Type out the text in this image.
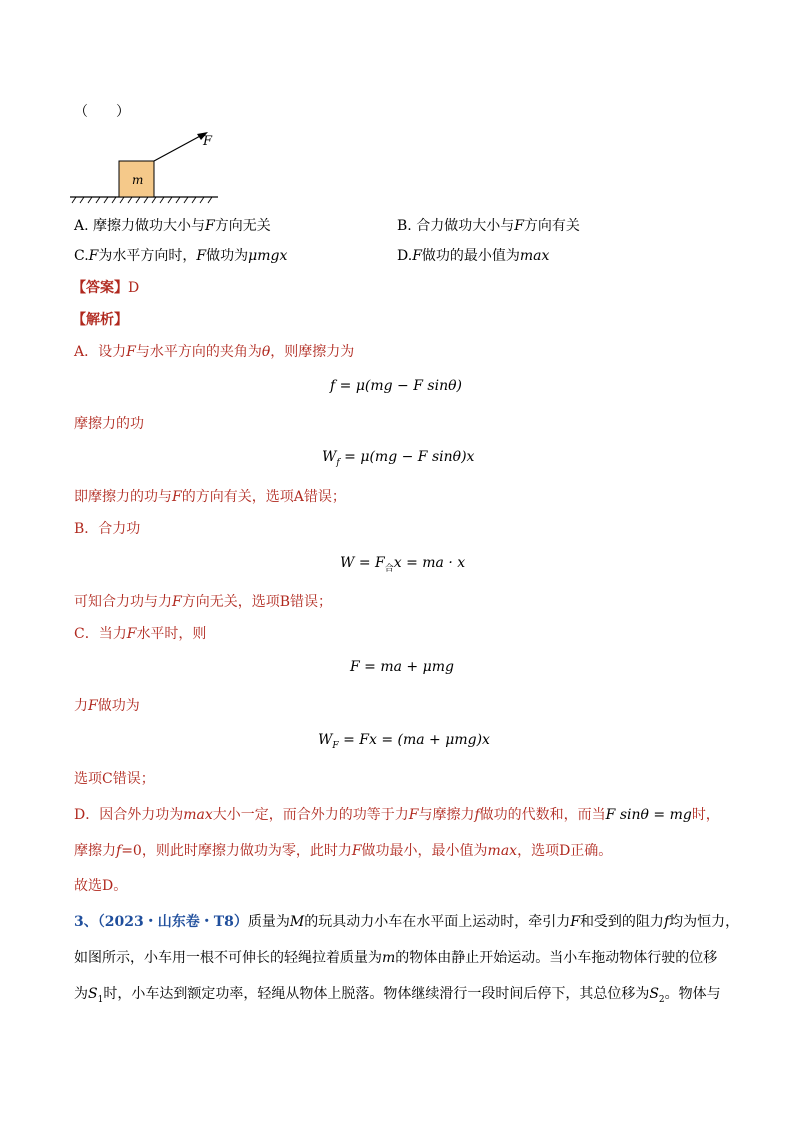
（　　）
m
F
A. 摩擦力做功大小与F方向无关	B. 合力做功大小与F方向有关
C.F为水平方向时，F做功为μmgx	D.F做功的最小值为max
【答案】D
【解析】
A．设力F与水平方向的夹角为θ，则摩擦力为
f = μ(mg − F sinθ)
摩擦力的功
$W_f = \mu(mg - F$ sinθ)x
即摩擦力的功与F的方向有关，选项A错误；
B．合力功
$W = F_合x$ = ma · x
可知合力功与力F方向无关，选项B错误；
C．当力F水平时，则
F = ma + μmg
力F做功为
$W_F = Fx = (ma + \mu mg)x$
选项C错误；
D．因合外力功为max大小一定，而合外力的功等于力F与摩擦力f做功的代数和，而当F sinθ = mg时，
摩擦力f=0，则此时摩擦力做功为零，此时力F做功最小，最小值为max，选项D正确。
故选D。
3、（2023・山东卷・T8）质量为M的玩具动力小车在水平面上运动时，牵引力F和受到的阻力f均为恒力，
如图所示，小车用一根不可伸长的轻绳拉着质量为m的物体由静止开始运动。当小车拖动物体行驶的位移
为$S_1$时，小车达到额定功率，轻绳从物体上脱落。物体继续滑行一段时间后停下，其总位移为$S_2$。物体与
